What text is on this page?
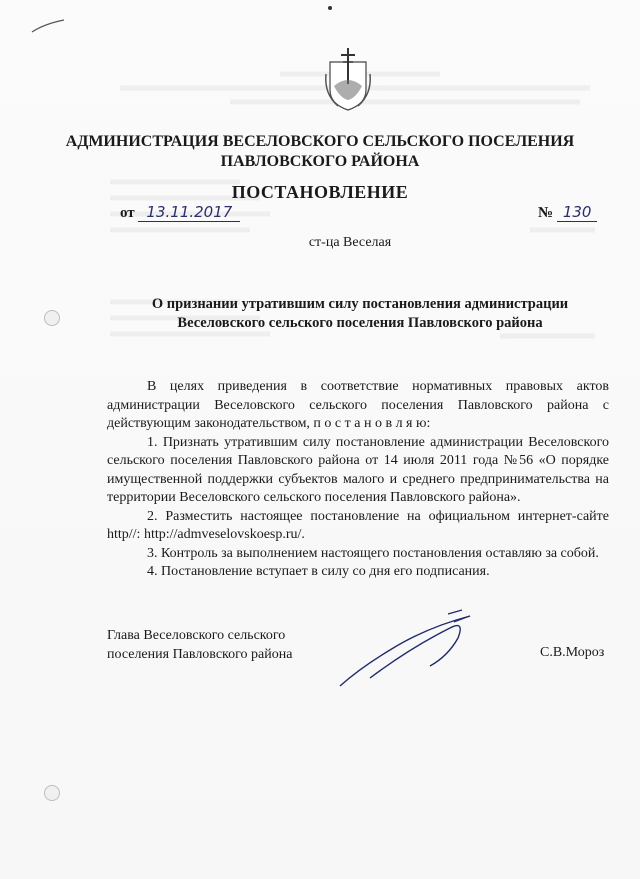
АДМИНИСТРАЦИЯ ВЕСЕЛОВСКОГО СЕЛЬСКОГО ПОСЕЛЕНИЯ
ПАВЛОВСКОГО РАЙОНА
ПОСТАНОВЛЕНИЕ
от 13.11.2017	№ 130
ст-ца Веселая
О признании утратившим силу постановления администрации
Веселовского сельского поселения Павловского района

В целях приведения в соответствие нормативных правовых актов администрации Веселовского сельского поселения Павловского района с действующим законодательством, п о с т а н о в л я ю:

1. Признать утратившим силу постановление администрации Веселовского сельского поселения Павловского района от 14 июля 2011 года №56 «О порядке имущественной поддержки субъектов малого и среднего предпринимательства на территории Веселовского сельского поселения Павловского района».

2. Разместить настоящее постановление на официальном интернет-сайте http//: http://admveselovskoesp.ru/.

3. Контроль за выполнением настоящего постановления оставляю за собой.

4. Постановление вступает в силу со дня его подписания.

Глава Веселовского сельского
поселения Павловского района	С.В.Мороз
